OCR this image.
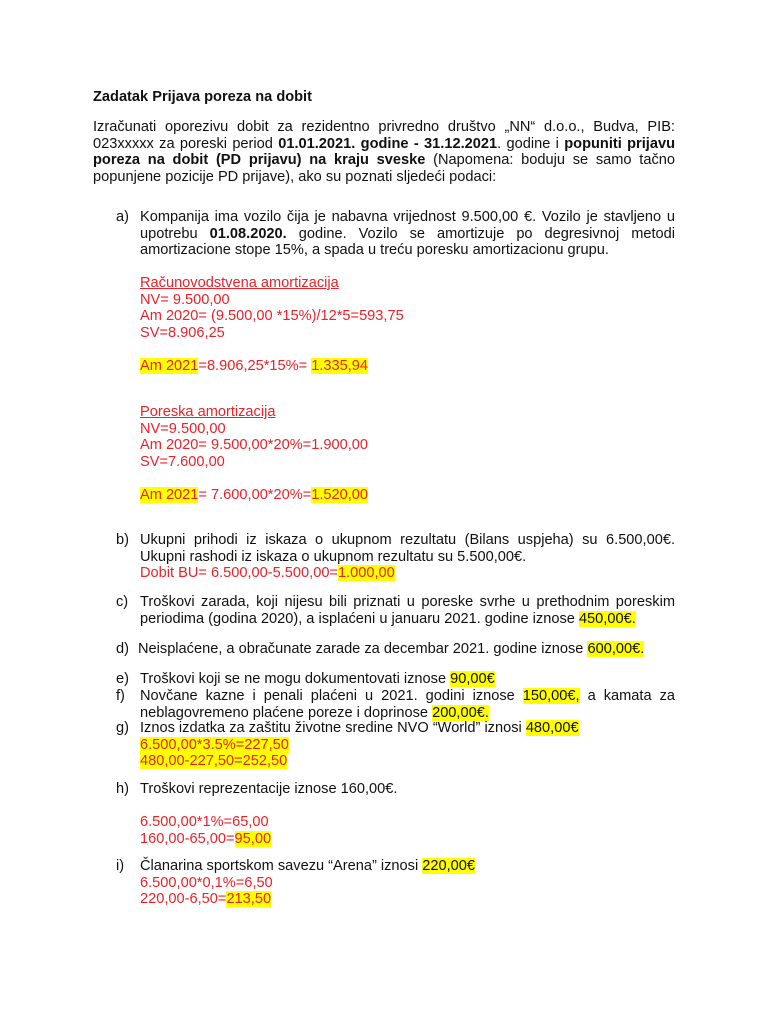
Zadatak Prijava poreza na dobit
Izračunati oporezivu dobit za rezidentno privredno društvo „NN“ d.o.o., Budva, PIB: 023xxxxx za poreski period 01.01.2021. godine - 31.12.2021. godine i popuniti prijavu poreza na dobit (PD prijavu) na kraju sveske (Napomena: boduju se samo tačno popunjene pozicije PD prijave), ako su poznati sljedeći podaci:
a) Kompanija ima vozilo čija je nabavna vrijednost 9.500,00 €. Vozilo je stavljeno u upotrebu 01.08.2020. godine. Vozilo se amortizuje po degresivnoj metodi amortizacione stope 15%, a spada u treću poresku amortizacionu grupu.
Računovodstvena amortizacija
NV= 9.500,00
Am 2020= (9.500,00 *15%)/12*5=593,75
SV=8.906,25
Am 2021=8.906,25*15%= 1.335,94
Poreska amortizacija
NV=9.500,00
Am 2020= 9.500,00*20%=1.900,00
SV=7.600,00
Am 2021= 7.600,00*20%=1.520,00
b) Ukupni prihodi iz iskaza o ukupnom rezultatu (Bilans uspjeha) su 6.500,00€. Ukupni rashodi iz iskaza o ukupnom rezultatu su 5.500,00€.
Dobit BU= 6.500,00-5.500,00=1.000,00
c) Troškovi zarada, koji nijesu bili priznati u poreske svrhe u prethodnim poreskim periodima (godina 2020), a isplaćeni u januaru 2021. godine iznose 450,00€.
d) Neisplaćene, a obračunate zarade za decembar 2021. godine iznose 600,00€.
e) Troškovi koji se ne mogu dokumentovati iznose 90,00€
f) Novčane kazne i penali plaćeni u 2021. godini iznose 150,00€, a kamata za neblagovremeno plaćene poreze i doprinose 200,00€.
g) Iznos izdatka za zaštitu životne sredine NVO “World” iznosi 480,00€
6.500,00*3.5%=227,50
480,00-227,50=252,50
h) Troškovi reprezentacije iznose 160,00€.
6.500,00*1%=65,00
160,00-65,00=95,00
i) Članarina sportskom savezu “Arena” iznosi 220,00€
6.500,00*0,1%=6,50
220,00-6,50=213,50
